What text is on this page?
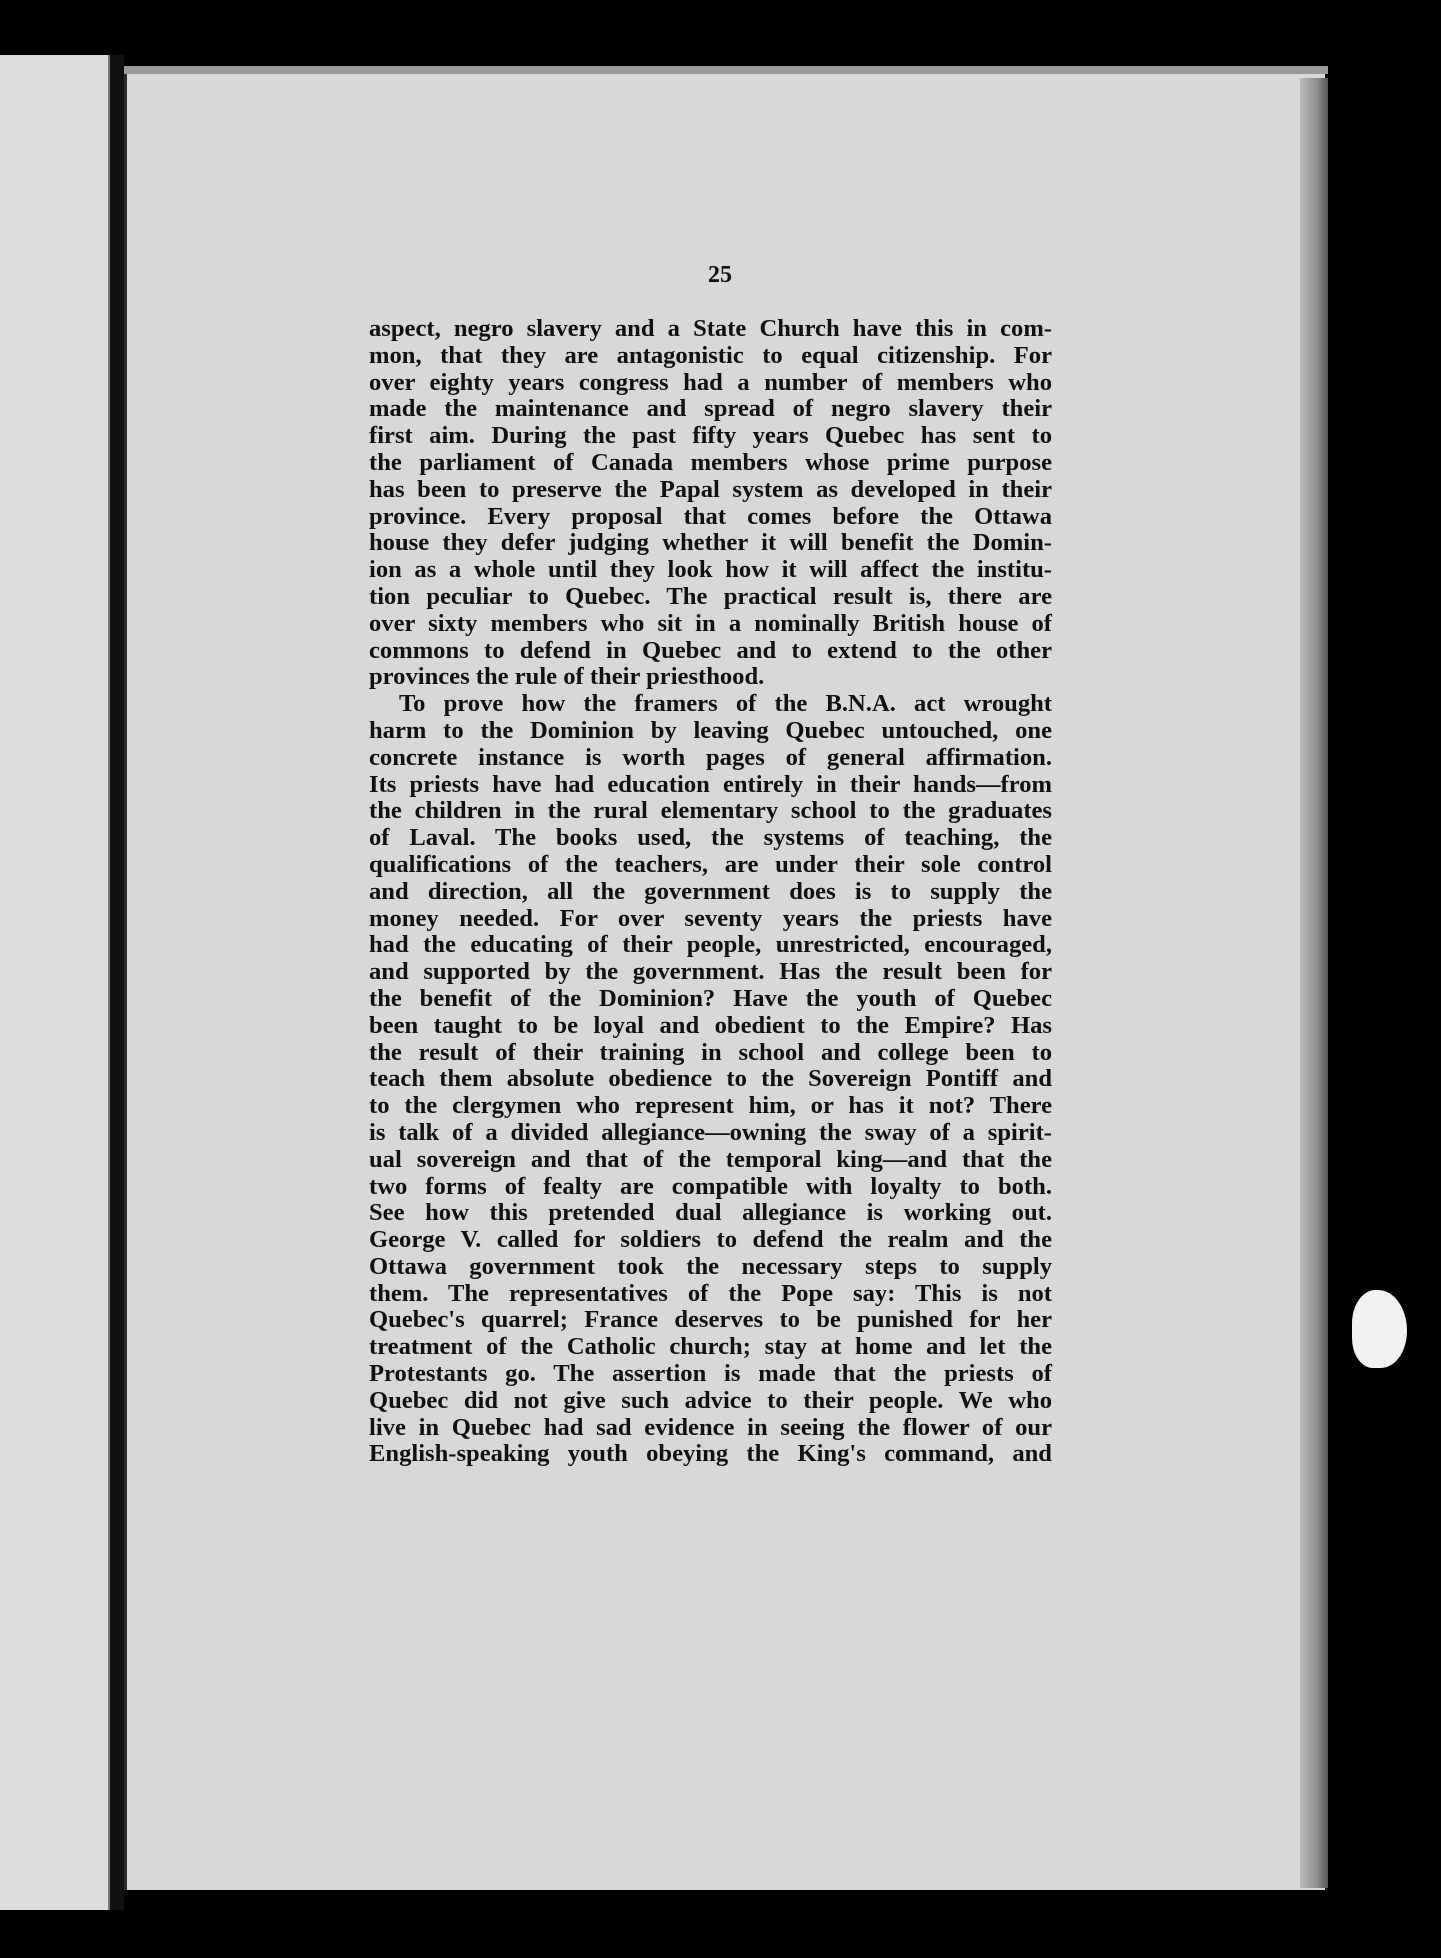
25
aspect, negro slavery and a State Church have this in com-
mon, that they are antagonistic to equal citizenship. For
over eighty years congress had a number of members who
made the maintenance and spread of negro slavery their
first aim. During the past fifty years Quebec has sent to
the parliament of Canada members whose prime purpose
has been to preserve the Papal system as developed in their
province. Every proposal that comes before the Ottawa
house they defer judging whether it will benefit the Domin-
ion as a whole until they look how it will affect the institu-
tion peculiar to Quebec. The practical result is, there are
over sixty members who sit in a nominally British house of
commons to defend in Quebec and to extend to the other
provinces the rule of their priesthood.
To prove how the framers of the B.N.A. act wrought
harm to the Dominion by leaving Quebec untouched, one
concrete instance is worth pages of general affirmation.
Its priests have had education entirely in their hands—from
the children in the rural elementary school to the graduates
of Laval. The books used, the systems of teaching, the
qualifications of the teachers, are under their sole control
and direction, all the government does is to supply the
money needed. For over seventy years the priests have
had the educating of their people, unrestricted, encouraged,
and supported by the government. Has the result been for
the benefit of the Dominion? Have the youth of Quebec
been taught to be loyal and obedient to the Empire? Has
the result of their training in school and college been to
teach them absolute obedience to the Sovereign Pontiff and
to the clergymen who represent him, or has it not? There
is talk of a divided allegiance—owning the sway of a spirit-
ual sovereign and that of the temporal king—and that the
two forms of fealty are compatible with loyalty to both.
See how this pretended dual allegiance is working out.
George V. called for soldiers to defend the realm and the
Ottawa government took the necessary steps to supply
them. The representatives of the Pope say: This is not
Quebec's quarrel; France deserves to be punished for her
treatment of the Catholic church; stay at home and let the
Protestants go. The assertion is made that the priests of
Quebec did not give such advice to their people. We who
live in Quebec had sad evidence in seeing the flower of our
English-speaking youth obeying the King's command, and
